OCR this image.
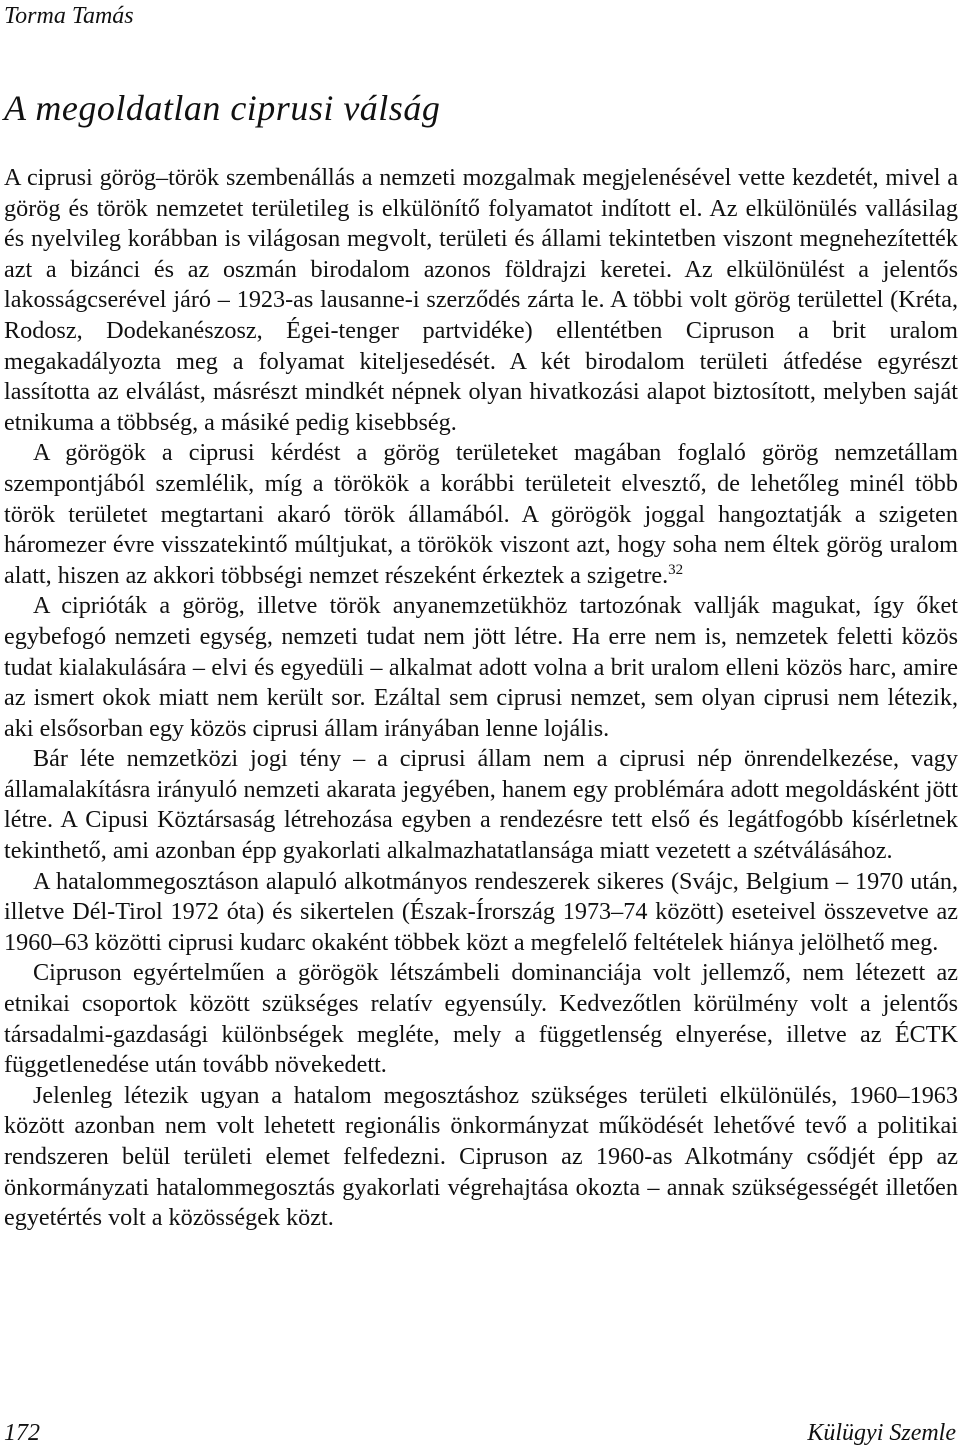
Torma Tamás
A megoldatlan ciprusi válság

A ciprusi görög–török szembenállás a nemzeti mozgalmak megjelenésével vette kezdetét, mivel a görög és török nemzetet területileg is elkülönítő folyamatot indított el. Az elkülönülés vallásilag és nyelvileg korábban is világosan megvolt, területi és állami tekintetben viszont megnehezítették azt a bizánci és az oszmán birodalom azonos földrajzi keretei. Az elkülönülést a jelentős lakosságcserével járó – 1923-as lausanne-i szerződés zárta le. A többi volt görög területtel (Kréta, Rodosz, Dodekanészosz, Égei-tenger partvidéke) ellentétben Cipruson a brit uralom megakadályozta meg a folyamat kiteljesedését. A két birodalom területi átfedése egyrészt lassította az elválást, másrészt mindkét népnek olyan hivatkozási alapot biztosított, melyben saját etnikuma a többség, a másiké pedig kisebbség.

A görögök a ciprusi kérdést a görög területeket magában foglaló görög nemzetállam szempontjából szemlélik, míg a törökök a korábbi területeit elvesztő, de lehetőleg minél több török területet megtartani akaró török államából. A görögök joggal hangoztatják a szigeten háromezer évre visszatekintő múltjukat, a törökök viszont azt, hogy soha nem éltek görög uralom alatt, hiszen az akkori többségi nemzet részeként érkeztek a szigetre.$^{32}$

A ciprióták a görög, illetve török anyanemzetükhöz tartozónak vallják magukat, így őket egybefogó nemzeti egység, nemzeti tudat nem jött létre. Ha erre nem is, nemzetek feletti közös tudat kialakulására – elvi és egyedüli – alkalmat adott volna a brit uralom elleni közös harc, amire az ismert okok miatt nem került sor. Ezáltal sem ciprusi nemzet, sem olyan ciprusi nem létezik, aki elsősorban egy közös ciprusi állam irányában lenne lojális.

Bár léte nemzetközi jogi tény – a ciprusi állam nem a ciprusi nép önrendelkezése, vagy államalakításra irányuló nemzeti akarata jegyében, hanem egy problémára adott megoldásként jött létre. A Cipusi Köztársaság létrehozása egyben a rendezésre tett első és legátfogóbb kísérletnek tekinthető, ami azonban épp gyakorlati alkalmazhatatlansága miatt vezetett a szétválásához.

A hatalommegosztáson alapuló alkotmányos rendeszerek sikeres (Svájc, Belgium – 1970 után, illetve Dél-Tirol 1972 óta) és sikertelen (Észak-Írország 1973–74 között) eseteivel összevetve az 1960–63 közötti ciprusi kudarc okaként többek közt a megfelelő feltételek hiánya jelölhető meg.

Cipruson egyértelműen a görögök létszámbeli dominanciája volt jellemző, nem létezett az etnikai csoportok között szükséges relatív egyensúly. Kedvezőtlen körülmény volt a jelentős társadalmi-gazdasági különbségek megléte, mely a függetlenség elnyerése, illetve az ÉCTK függetlenedése után tovább növekedett.

Jelenleg létezik ugyan a hatalom megosztáshoz szükséges területi elkülönülés, 1960–1963 között azonban nem volt lehetett regionális önkormányzat működését lehetővé tevő a politikai rendszeren belül területi elemet felfedezni. Cipruson az 1960-as Alkotmány csődjét épp az önkormányzati hatalommegosztás gyakorlati végrehajtása okozta – annak szükségességét illetően egyetértés volt a közösségek közt.

172	Külügyi Szemle
